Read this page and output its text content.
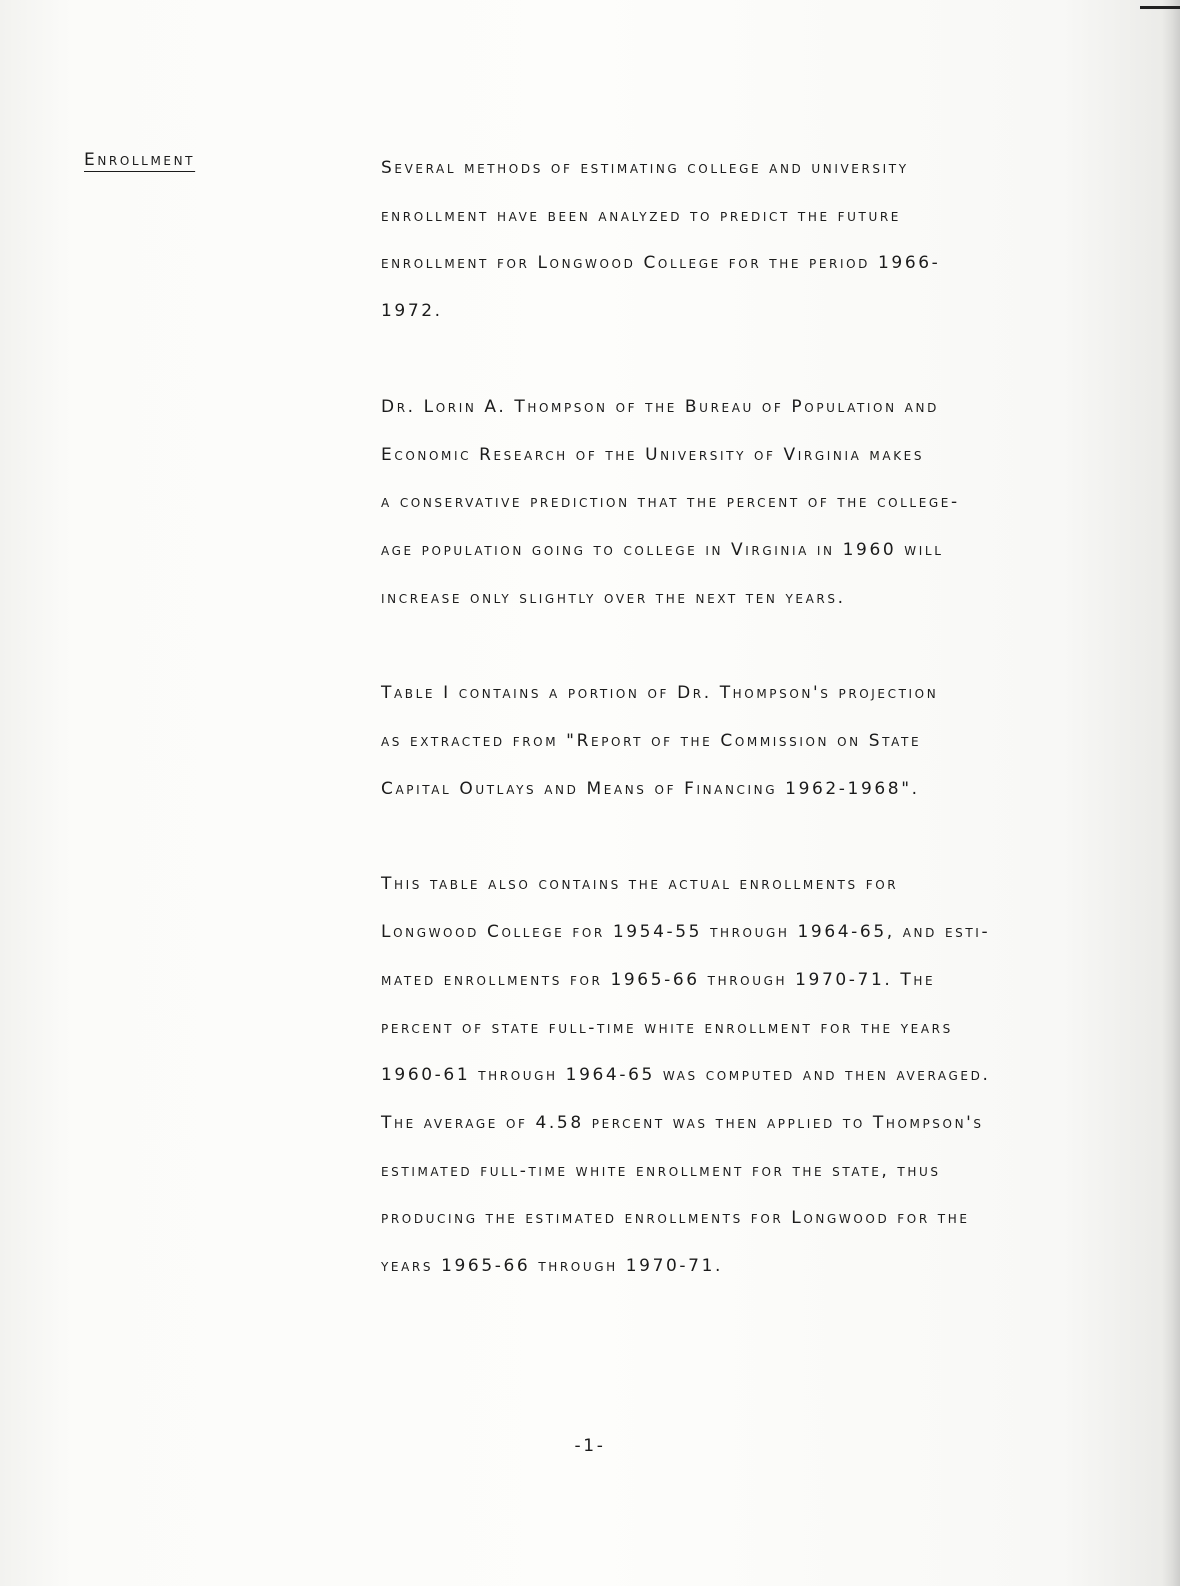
Enrollment	Several methods of estimating college and university
enrollment have been analyzed to predict the future
enrollment for Longwood College for the period 1966-
1972.

Dr. Lorin A. Thompson of the Bureau of Population and
Economic Research of the University of Virginia makes
a conservative prediction that the percent of the college-
age population going to college in Virginia in 1960 will
increase only slightly over the next ten years.

Table I contains a portion of Dr. Thompson's projection
as extracted from "Report of the Commission on State
Capital Outlays and Means of Financing 1962-1968".

This table also contains the actual enrollments for
Longwood College for 1954-55 through 1964-65, and esti-
mated enrollments for 1965-66 through 1970-71. The
percent of state full-time white enrollment for the years
1960-61 through 1964-65 was computed and then averaged.
The average of 4.58 percent was then applied to Thompson's
estimated full-time white enrollment for the state, thus
producing the estimated enrollments for Longwood for the
years 1965-66 through 1970-71.

-1-
